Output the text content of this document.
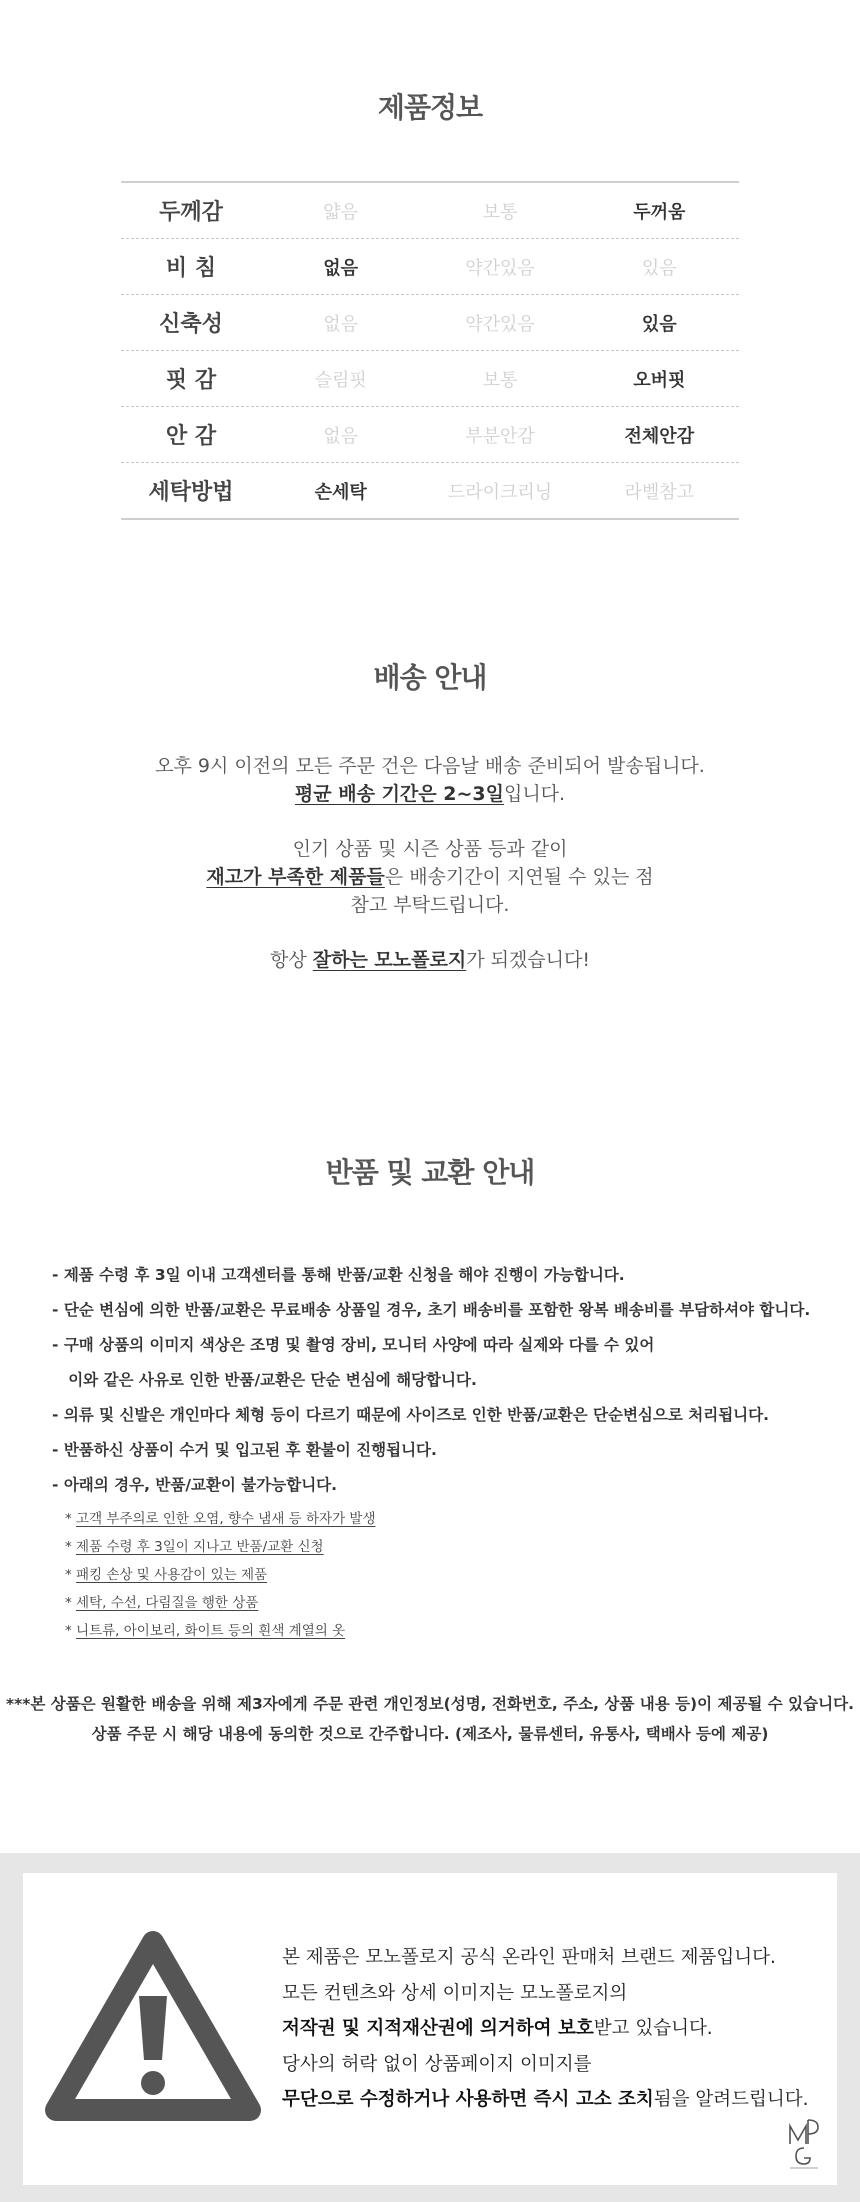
제품정보
두께감	얇음	보통	두꺼움
비 침	없음	약간있음	있음
신축성	없음	약간있음	있음
핏 감	슬림핏	보통	오버핏
안 감	없음	부분안감	전체안감
세탁방법	손세탁	드라이크리닝	라벨참고
배송 안내

오후 9시 이전의 모든 주문 건은 다음날 배송 준비되어 발송됩니다.

평균 배송 기간은 2~3일입니다.

인기 상품 및 시즌 상품 등과 같이

재고가 부족한 제품들은 배송기간이 지연될 수 있는 점

참고 부탁드립니다.

항상 잘하는 모노폴로지가 되겠습니다!

반품 및 교환 안내
- 제품 수령 후 3일 이내 고객센터를 통해 반품/교환 신청을 해야 진행이 가능합니다.
- 단순 변심에 의한 반품/교환은 무료배송 상품일 경우, 초기 배송비를 포함한 왕복 배송비를 부담하셔야 합니다.
- 구매 상품의 이미지 색상은 조명 및 촬영 장비, 모니터 사양에 따라 실제와 다를 수 있어
이와 같은 사유로 인한 반품/교환은 단순 변심에 해당합니다.
- 의류 및 신발은 개인마다 체형 등이 다르기 때문에 사이즈로 인한 반품/교환은 단순변심으로 처리됩니다.
- 반품하신 상품이 수거 및 입고된 후 환불이 진행됩니다.
- 아래의 경우, 반품/교환이 불가능합니다.
* 고객 부주의로 인한 오염, 향수 냄새 등 하자가 발생
* 제품 수령 후 3일이 지나고 반품/교환 신청
* 패킹 손상 및 사용감이 있는 제품
* 세탁, 수선, 다림질을 행한 상품
* 니트류, 아이보리, 화이트 등의 흰색 계열의 옷
***본 상품은 원활한 배송을 위해 제3자에게 주문 관련 개인정보(성명, 전화번호, 주소, 상품 내용 등)이 제공될 수 있습니다.
상품 주문 시 해당 내용에 동의한 것으로 간주합니다. (제조사, 물류센터, 유통사, 택배사 등에 제공)
본 제품은 모노폴로지 공식 온라인 판매처 브랜드 제품입니다.
모든 컨텐츠와 상세 이미지는 모노폴로지의
저작권 및 지적재산권에 의거하여 보호받고 있습니다.
당사의 허락 없이 상품페이지 이미지를
무단으로 수정하거나 사용하면 즉시 고소 조치됨을 알려드립니다.
